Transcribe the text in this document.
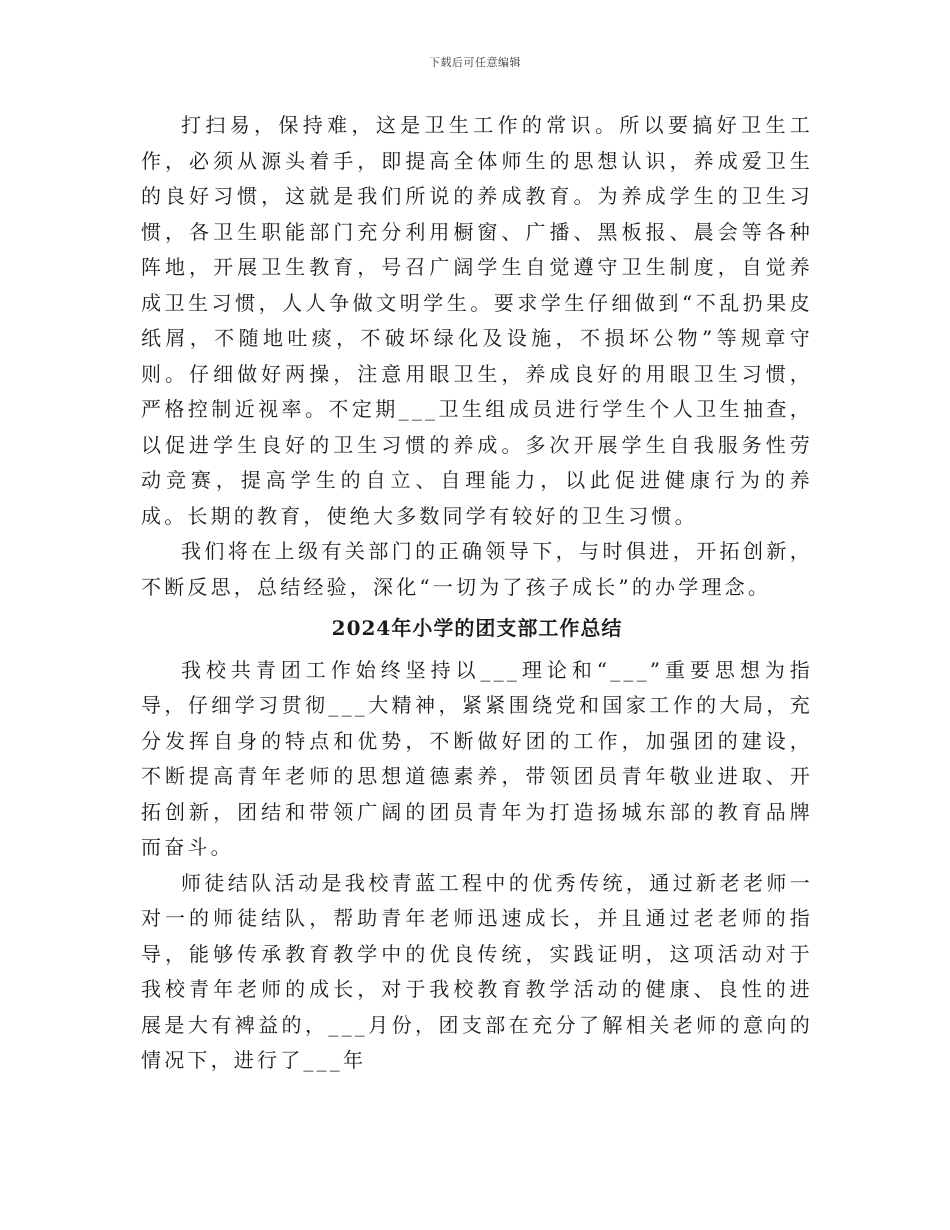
下载后可任意编辑

打扫易，保持难，这是卫生工作的常识。所以要搞好卫生工作，必须从源头着手，即提高全体师生的思想认识，养成爱卫生的良好习惯，这就是我们所说的养成教育。为养成学生的卫生习惯，各卫生职能部门充分利用橱窗、广播、黑板报、晨会等各种阵地，开展卫生教育，号召广阔学生自觉遵守卫生制度，自觉养成卫生习惯，人人争做文明学生。要求学生仔细做到“不乱扔果皮纸屑，不随地吐痰，不破坏绿化及设施，不损坏公物”等规章守则。仔细做好两操，注意用眼卫生，养成良好的用眼卫生习惯，严格控制近视率。不定期___卫生组成员进行学生个人卫生抽查，以促进学生良好的卫生习惯的养成。多次开展学生自我服务性劳动竞赛，提高学生的自立、自理能力，以此促进健康行为的养成。长期的教育，使绝大多数同学有较好的卫生习惯。

我们将在上级有关部门的正确领导下，与时俱进，开拓创新，不断反思，总结经验，深化“一切为了孩子成长”的办学理念。

2024年小学的团支部工作总结

我校共青团工作始终坚持以___理论和“___”重要思想为指导，仔细学习贯彻___大精神，紧紧围绕党和国家工作的大局，充分发挥自身的特点和优势，不断做好团的工作，加强团的建设，不断提高青年老师的思想道德素养，带领团员青年敬业进取、开拓创新，团结和带领广阔的团员青年为打造扬城东部的教育品牌而奋斗。

师徒结队活动是我校青蓝工程中的优秀传统，通过新老老师一对一的师徒结队，帮助青年老师迅速成长，并且通过老老师的指导，能够传承教育教学中的优良传统，实践证明，这项活动对于我校青年老师的成长，对于我校教育教学活动的健康、良性的进展是大有裨益的，___月份，团支部在充分了解相关老师的意向的情况下，进行了___年
